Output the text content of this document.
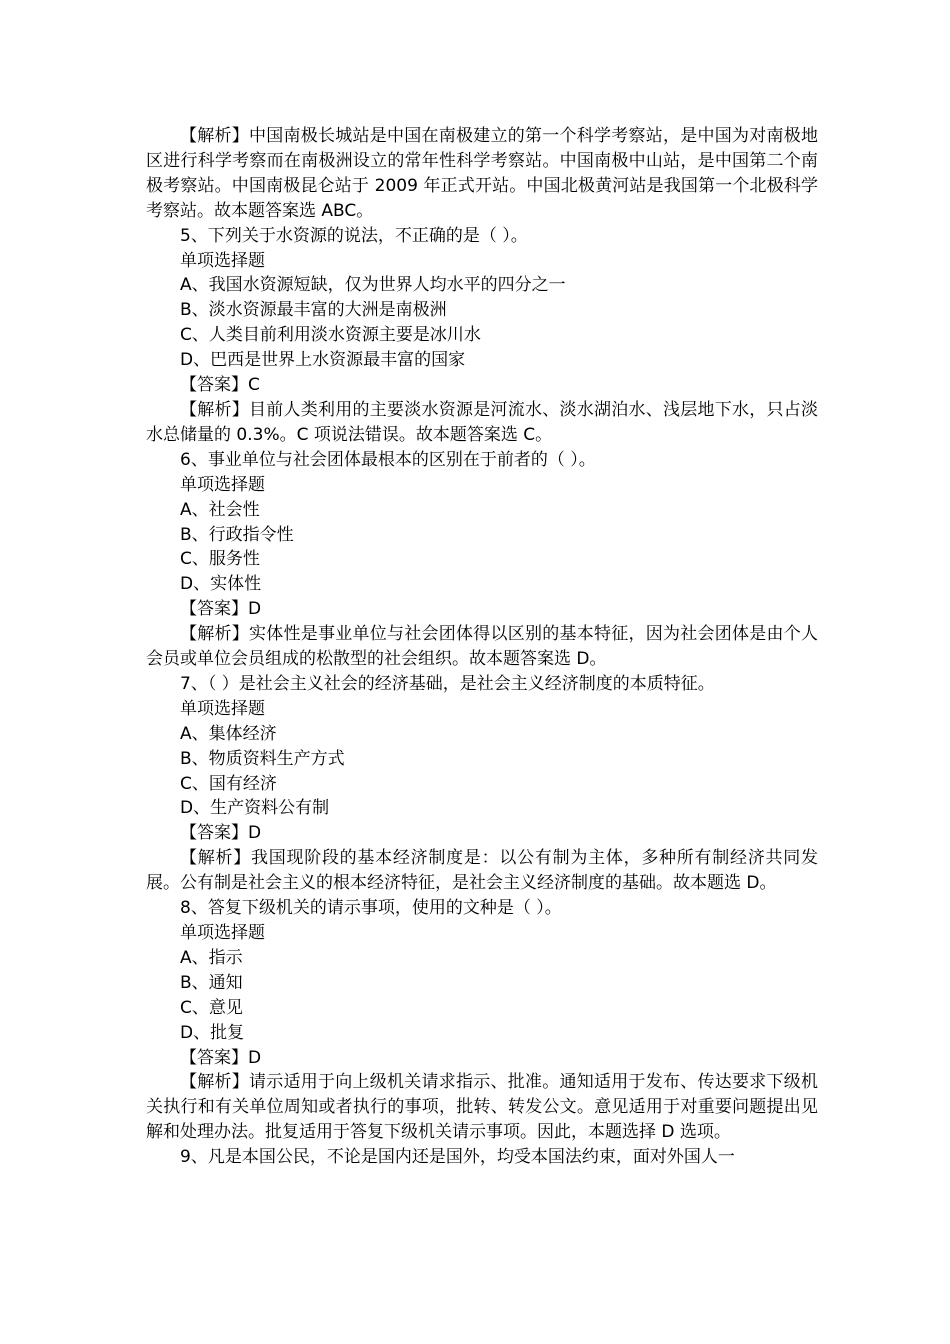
【解析】中国南极长城站是中国在南极建立的第一个科学考察站，是中国为对南极地区进行科学考察而在南极洲设立的常年性科学考察站。中国南极中山站，是中国第二个南极考察站。中国南极昆仑站于 2009 年正式开站。中国北极黄河站是我国第一个北极科学考察站。故本题答案选 ABC。

5、下列关于水资源的说法，不正确的是（ ）。

单项选择题

A、我国水资源短缺，仅为世界人均水平的四分之一

B、淡水资源最丰富的大洲是南极洲

C、人类目前利用淡水资源主要是冰川水

D、巴西是世界上水资源最丰富的国家

【答案】C

【解析】目前人类利用的主要淡水资源是河流水、淡水湖泊水、浅层地下水，只占淡水总储量的 0.3%。C 项说法错误。故本题答案选 C。

6、事业单位与社会团体最根本的区别在于前者的（ ）。

单项选择题

A、社会性

B、行政指令性

C、服务性

D、实体性

【答案】D

【解析】实体性是事业单位与社会团体得以区别的基本特征，因为社会团体是由个人会员或单位会员组成的松散型的社会组织。故本题答案选 D。

7、（ ）是社会主义社会的经济基础，是社会主义经济制度的本质特征。

单项选择题

A、集体经济

B、物质资料生产方式

C、国有经济

D、生产资料公有制

【答案】D

【解析】我国现阶段的基本经济制度是：以公有制为主体，多种所有制经济共同发展。公有制是社会主义的根本经济特征，是社会主义经济制度的基础。故本题选 D。

8、答复下级机关的请示事项，使用的文种是（ ）。

单项选择题

A、指示

B、通知

C、意见

D、批复

【答案】D

【解析】请示适用于向上级机关请求指示、批准。通知适用于发布、传达要求下级机关执行和有关单位周知或者执行的事项，批转、转发公文。意见适用于对重要问题提出见解和处理办法。批复适用于答复下级机关请示事项。因此，本题选择 D 选项。

9、凡是本国公民，不论是国内还是国外，均受本国法约束，面对外国人一
